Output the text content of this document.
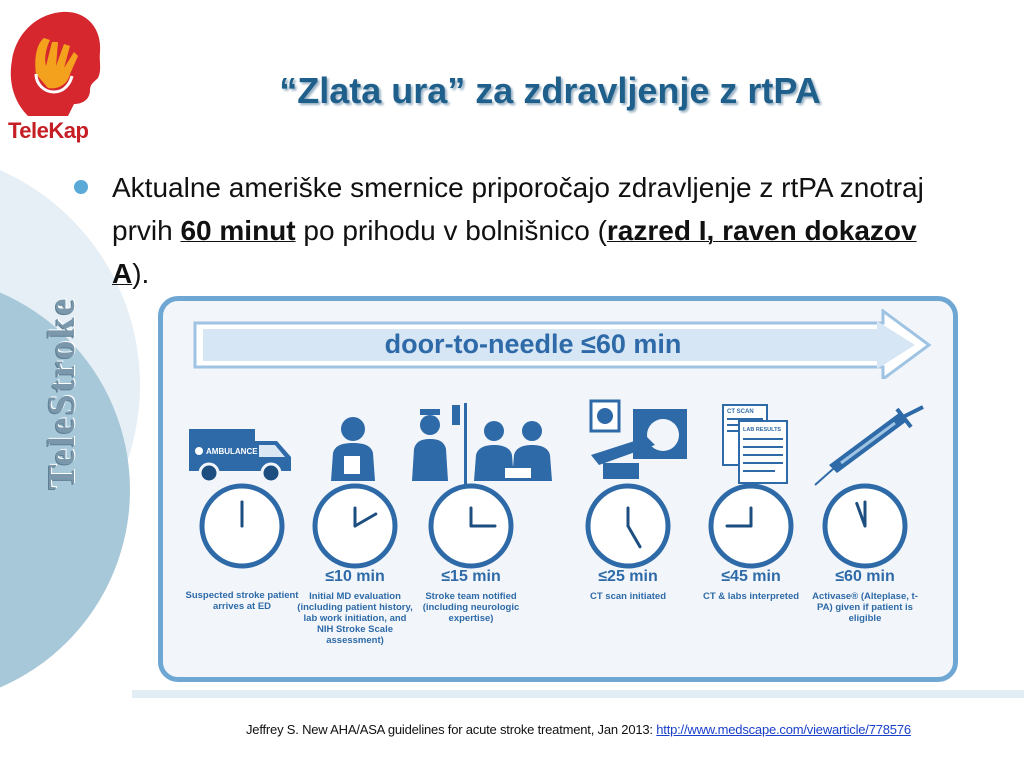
TeleStroke
TeleKap
“Zlata ura” za zdravljenje z rtPA
Aktualne ameriške smernice priporočajo zdravljenje z rtPA znotraj prvih 60 minut po prihodu v bolnišnico (razred I, raven dokazov A).
door-to-needle ≤60 min
AMBULANCE
CT SCAN
LAB RESULTS
Suspected stroke patient arrives at ED
≤10 min
Initial MD evaluation (including patient history, lab work initiation, and NIH Stroke Scale assessment)
≤15 min
Stroke team notified (including neurologic expertise)
≤25 min
CT scan initiated
≤45 min
CT & labs interpreted
≤60 min
Activase® (Alteplase, t-PA) given if patient is eligible
Jeffrey S. New AHA/ASA guidelines for acute stroke treatment, Jan 2013: http://www.medscape.com/viewarticle/778576
